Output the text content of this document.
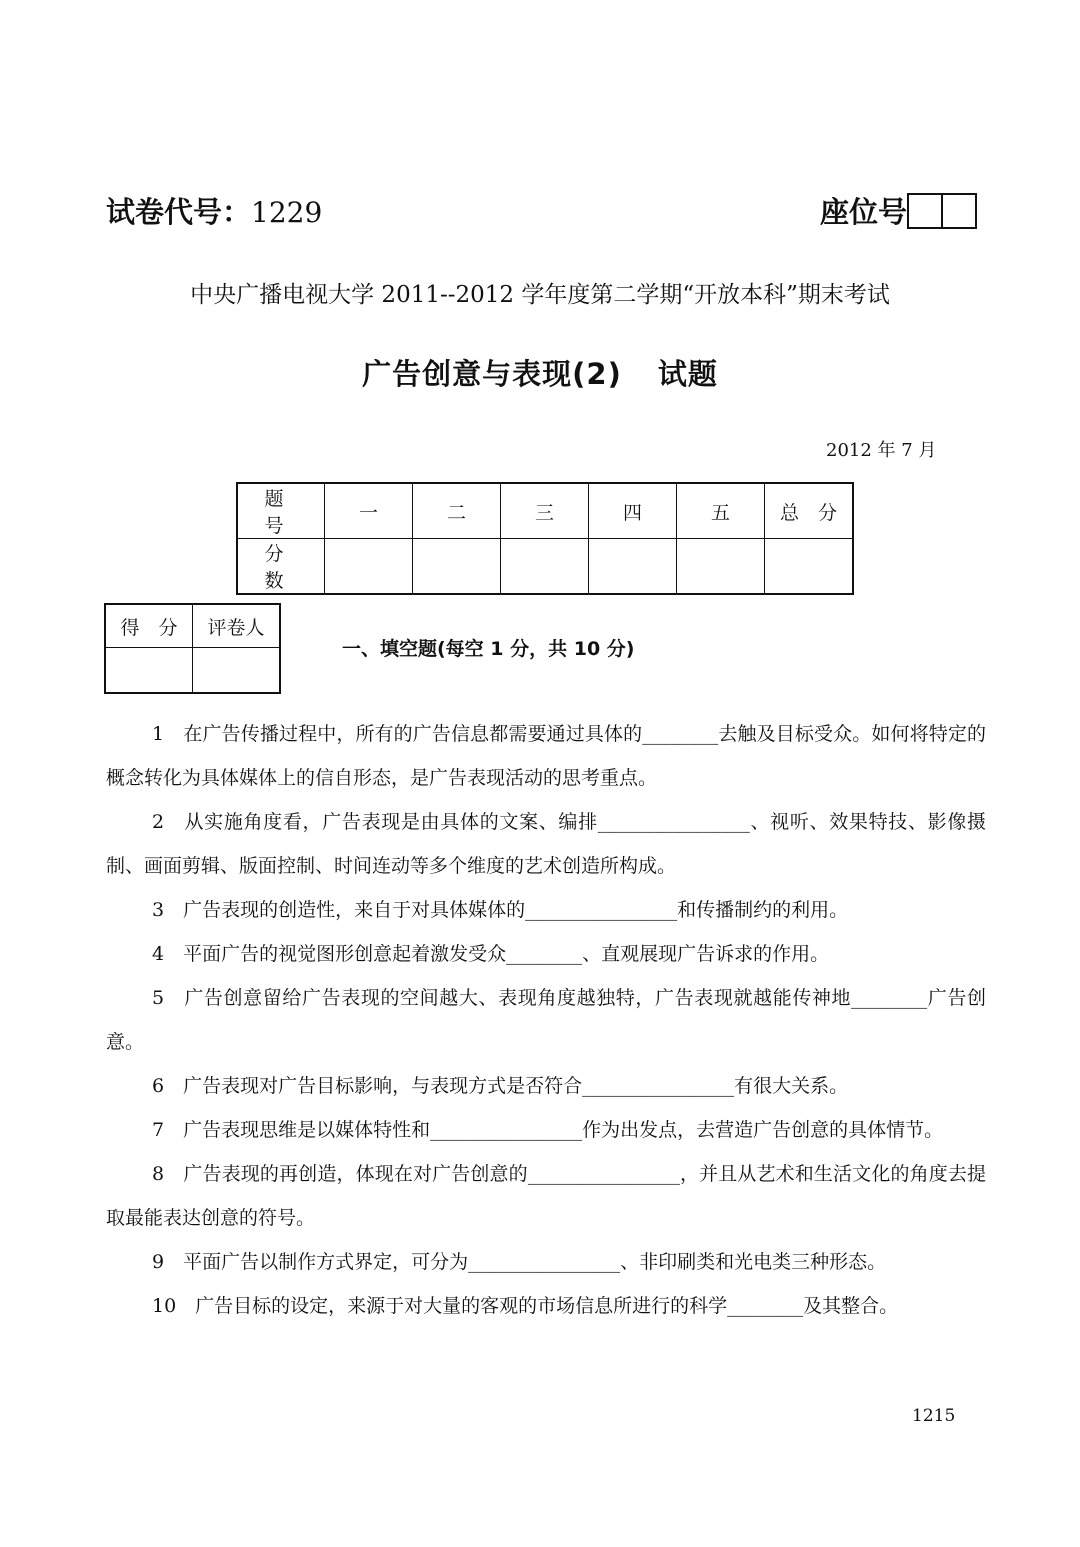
试卷代号：1229	座位号
中央广播电视大学 2011--2012 学年度第二学期“开放本科”期末考试
广告创意与表现(2) 试题
2012 年 7 月
题　号	一	二	三	四	五	总　分
分　数						
得　分	评卷人

一、填空题(每空 1 分，共 10 分)

1　在广告传播过程中，所有的广告信息都需要通过具体的________去触及目标受众。如何将特定的概念转化为具体媒体上的信自形态，是广告表现活动的思考重点。

2　从实施角度看，广告表现是由具体的文案、编排________________、视听、效果特技、影像摄制、画面剪辑、版面控制、时间连动等多个维度的艺术创造所构成。

3　广告表现的创造性，来自于对具体媒体的________________和传播制约的利用。

4　平面广告的视觉图形创意起着激发受众________、直观展现广告诉求的作用。

5　广告创意留给广告表现的空间越大、表现角度越独特，广告表现就越能传神地________广告创意。

6　广告表现对广告目标影响，与表现方式是否符合________________有很大关系。

7　广告表现思维是以媒体特性和________________作为出发点，去营造广告创意的具体情节。

8　广告表现的再创造，体现在对广告创意的________________，并且从艺术和生活文化的角度去提取最能表达创意的符号。

9　平面广告以制作方式界定，可分为________________、非印刷类和光电类三种形态。

10　广告目标的设定，来源于对大量的客观的市场信息所进行的科学________及其整合。

1215
